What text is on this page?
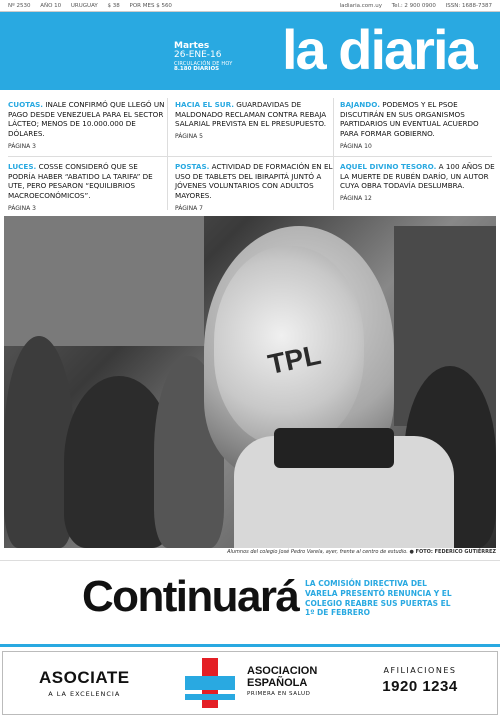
Nº 2530 AÑO 10 URUGUAY $ 38 POR MES $ 560	ladiaria.com.uy Tel.: 2 900 0900 ISSN: 1688-7387
Martes
26-ENE-16
CIRCULACIÓN DE HOY
8.180 DIARIOS la diaria
CUOTAS. INALE CONFIRMÓ QUE LLEGÓ UN PAGO DESDE VENEZUELA PARA EL SECTOR LÁCTEO; MENOS DE 10.000.000 DE DÓLARES.
PÁGINA 3
HACIA EL SUR. GUARDAVIDAS DE MALDONADO RECLAMAN CONTRA REBAJA SALARIAL PREVISTA EN EL PRESUPUESTO.
PÁGINA 5
BAJANDO. PODEMOS Y EL PSOE DISCUTIRÁN EN SUS ORGANISMOS PARTIDARIOS UN EVENTUAL ACUERDO PARA FORMAR GOBIERNO.
PÁGINA 10
LUCES. COSSE CONSIDERÓ QUE SE PODRÍA HABER “ABATIDO LA TARIFA” DE UTE, PERO PESARON “EQUILIBRIOS MACROECONÓMICOS”.
PÁGINA 3
POSTAS. ACTIVIDAD DE FORMACIÓN EN EL USO DE TABLETS DEL IBIRAPITÁ JUNTÓ A JÓVENES VOLUNTARIOS CON ADULTOS MAYORES.
PÁGINA 7
AQUEL DIVINO TESORO. A 100 AÑOS DE LA MUERTE DE RUBÉN DARÍO, UN AUTOR CUYA OBRA TODAVÍA DESLUMBRA.
PÁGINA 12
TPL
Alumnos del colegio José Pedro Varela, ayer, frente al centro de estudio. ● FOTO: FEDERICO GUTIÉRREZ
Continuará LA COMISIÓN DIRECTIVA DEL VARELA PRESENTÓ RENUNCIA Y EL COLEGIO REABRE SUS PUERTAS EL 1º DE FEBRERO
ASOCIATE
A LA EXCELENCIA
ASOCIACION
ESPAÑOLA
PRIMERA EN SALUD
AFILIACIONES
1920 1234
